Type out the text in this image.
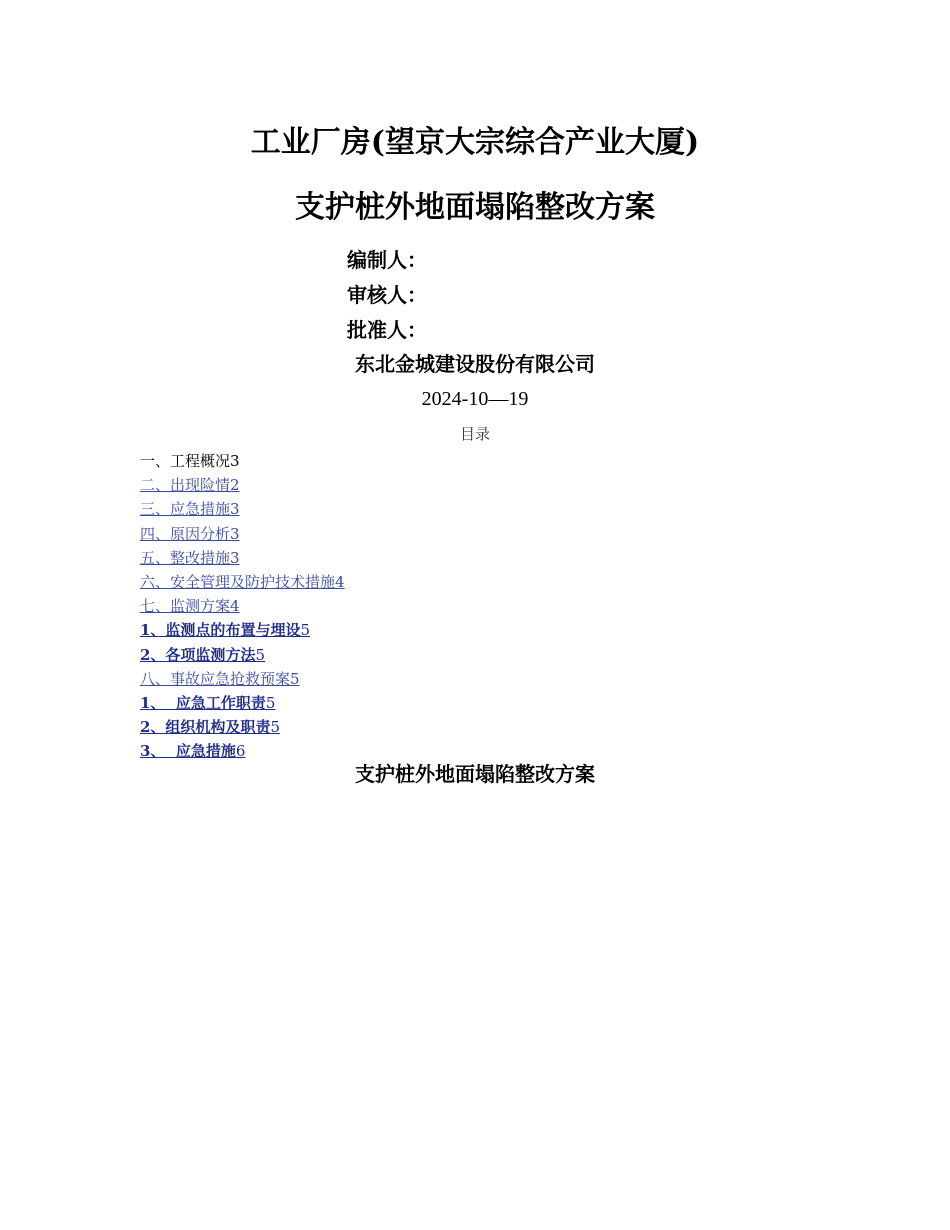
工业厂房(望京大宗综合产业大厦)
支护桩外地面塌陷整改方案
编制人：
审核人：
批准人：
东北金城建设股份有限公司
2024-10—19
目录
一、工程概况3
二、出现险情2
三、应急措施3
四、原因分析3
五、整改措施3
六、安全管理及防护技术措施4
七、监测方案4
1、监测点的布置与埋设5
2、各项监测方法5
八、事故应急抢救预案5
1、  应急工作职责5
2、组织机构及职责5
3、  应急措施6
支护桩外地面塌陷整改方案
